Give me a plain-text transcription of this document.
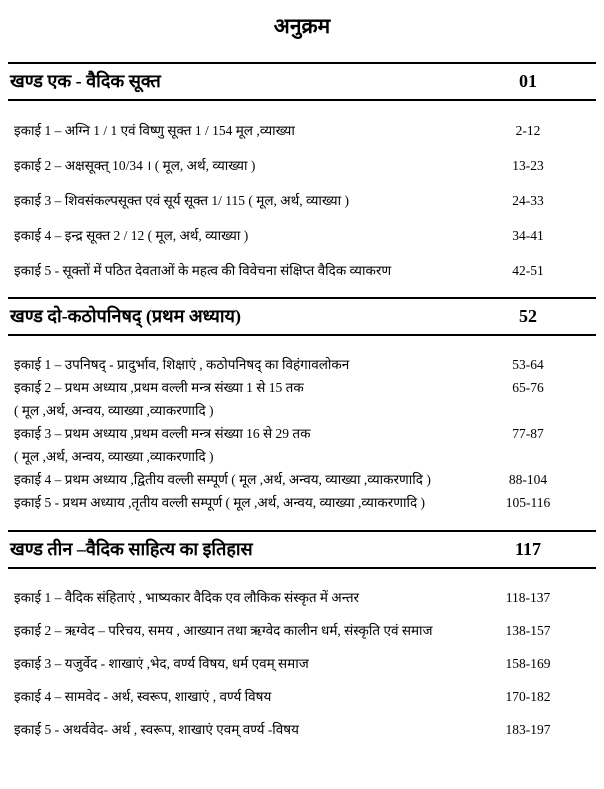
अनुक्रम
खण्ड एक - वैदिक सूक्त	01
इकाई 1 – अग्नि 1 / 1 एवं विष्णु सूक्त 1 / 154 मूल ,व्याख्या	2-12
इकाई 2 – अक्षसूक्त् 10/34 । ( मूल, अर्थ, व्याख्या )	13-23
इकाई 3 – शिवसंकल्पसूक्त एवं सूर्य सूक्त 1/ 115 ( मूल, अर्थ, व्याख्या )	24-33
इकाई 4 – इन्द्र सूक्त 2 / 12 ( मूल, अर्थ, व्याख्या )	34-41
इकाई 5 - सूक्तों में पठित देवताओं के महत्व की विवेचना संक्षिप्त वैदिक व्याकरण	42-51
खण्ड दो-कठोपनिषद् (प्रथम अध्याय)	52
इकाई 1 – उपनिषद् - प्रादुर्भाव, शिक्षाएं , कठोपनिषद् का विहंगावलोकन	53-64
इकाई 2 – प्रथम अध्याय ,प्रथम वल्ली मन्त्र संख्या 1 से 15 तक	65-76
( मूल ,अर्थ, अन्वय, व्याख्या ,व्याकरणादि )
इकाई 3 – प्रथम अध्याय ,प्रथम वल्ली मन्त्र संख्या 16 से 29 तक	77-87
( मूल ,अर्थ, अन्वय, व्याख्या ,व्याकरणादि )
इकाई 4 – प्रथम अध्याय ,द्वितीय वल्ली सम्पूर्ण ( मूल ,अर्थ, अन्वय, व्याख्या ,व्याकरणादि )	88-104
इकाई 5 - प्रथम अध्याय ,तृतीय वल्ली सम्पूर्ण ( मूल ,अर्थ, अन्वय, व्याख्या ,व्याकरणादि )	105-116
खण्ड तीन –वैदिक साहित्य का इतिहास	117
इकाई 1 – वैदिक संहिताएं , भाष्यकार वैदिक एव लौकिक संस्कृत में अन्तर	118-137
इकाई 2 – ऋग्वेद – परिचय, समय , आख्यान तथा ऋग्वेद कालीन धर्म, संस्कृति एवं समाज	138-157
इकाई 3 – यजुर्वेद - शाखाएं ,भेद, वर्ण्य विषय, धर्म एवम् समाज	158-169
इकाई 4 – सामवेद - अर्थ, स्वरूप, शाखाएं , वर्ण्य विषय	170-182
इकाई 5 - अथर्ववेद- अर्थ , स्वरूप, शाखाएं एवम् वर्ण्य -विषय	183-197
